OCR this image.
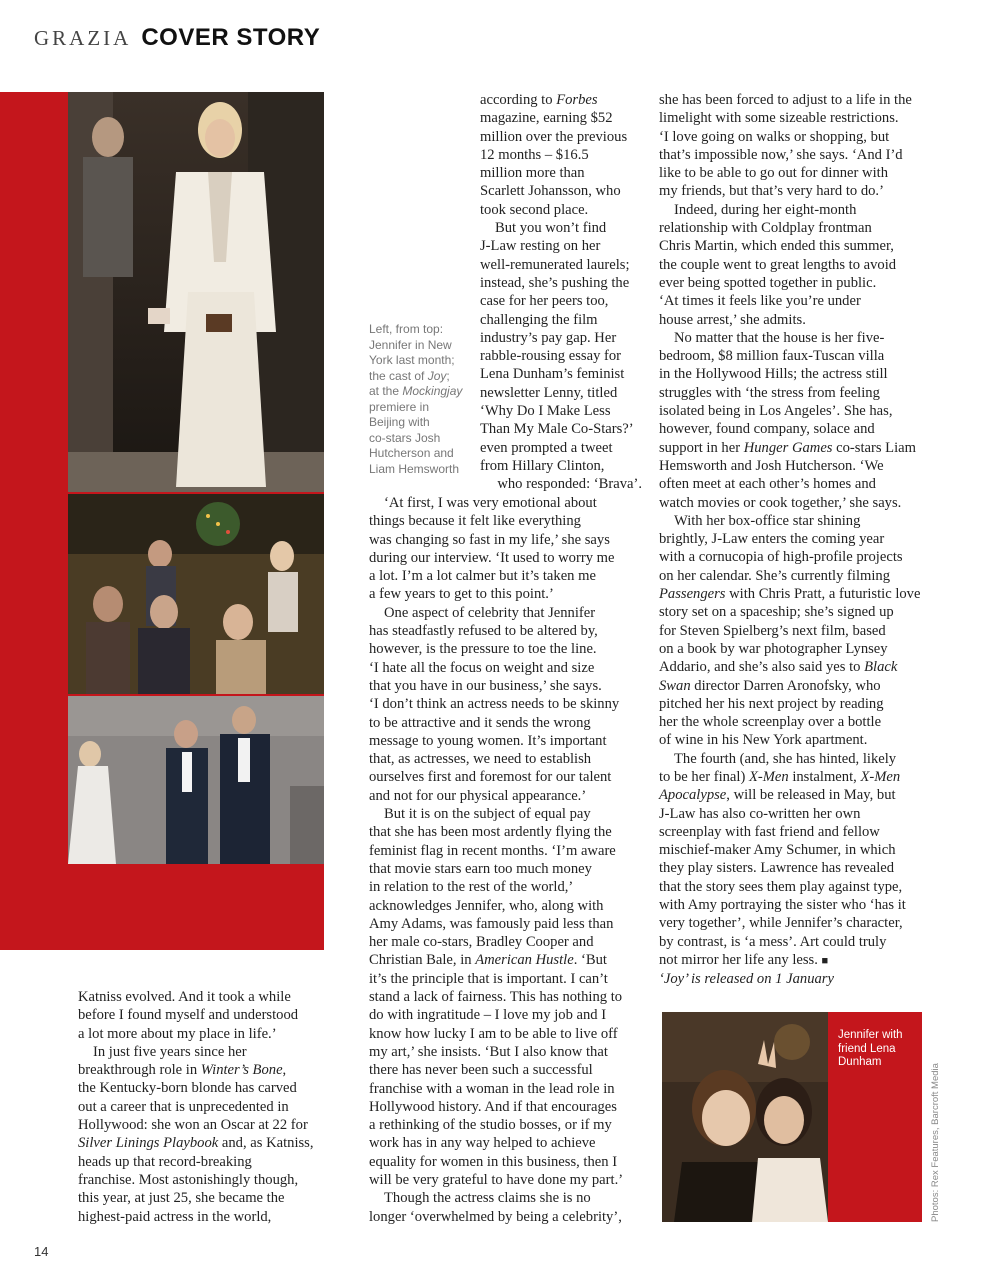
GRAZIA COVER STORY
Left, from top:
Jennifer in New
York last month;
the cast of Joy;
at the Mockingjay
premiere in
Beijing with
co-stars Josh
Hutcherson and
Liam Hemsworth

Katniss evolved. And it took a while
before I found myself and understood
a lot more about my place in life.’

In just five years since her
breakthrough role in Winter’s Bone,
the Kentucky-born blonde has carved
out a career that is unprecedented in
Hollywood: she won an Oscar at 22 for
Silver Linings Playbook and, as Katniss,
heads up that record-breaking
franchise. Most astonishingly though,
this year, at just 25, she became the
highest-paid actress in the world,

according to Forbes
magazine, earning $52
million over the previous
12 months – $16.5
million more than
Scarlett Johansson, who
took second place.

But you won’t find
J-Law resting on her
well-remunerated laurels;
instead, she’s pushing the
case for her peers too,
challenging the film
industry’s pay gap. Her
rabble-rousing essay for
Lena Dunham’s feminist
newsletter Lenny, titled
‘Why Do I Make Less
Than My Male Co-Stars?’
even prompted a tweet
from Hillary Clinton,
who responded: ‘Brava’.

‘At first, I was very emotional about
things because it felt like everything
was changing so fast in my life,’ she says
during our interview. ‘It used to worry me
a lot. I’m a lot calmer but it’s taken me
a few years to get to this point.’

One aspect of celebrity that Jennifer
has steadfastly refused to be altered by,
however, is the pressure to toe the line.
‘I hate all the focus on weight and size
that you have in our business,’ she says.
‘I don’t think an actress needs to be skinny
to be attractive and it sends the wrong
message to young women. It’s important
that, as actresses, we need to establish
ourselves first and foremost for our talent
and not for our physical appearance.’

But it is on the subject of equal pay
that she has been most ardently flying the
feminist flag in recent months. ‘I’m aware
that movie stars earn too much money
in relation to the rest of the world,’
acknowledges Jennifer, who, along with
Amy Adams, was famously paid less than
her male co-stars, Bradley Cooper and
Christian Bale, in American Hustle. ‘But
it’s the principle that is important. I can’t
stand a lack of fairness. This has nothing to
do with ingratitude – I love my job and I
know how lucky I am to be able to live off
my art,’ she insists. ‘But I also know that
there has never been such a successful
franchise with a woman in the lead role in
Hollywood history. And if that encourages
a rethinking of the studio bosses, or if my
work has in any way helped to achieve
equality for women in this business, then I
will be very grateful to have done my part.’

Though the actress claims she is no
longer ‘overwhelmed by being a celebrity’,

she has been forced to adjust to a life in the
limelight with some sizeable restrictions.
‘I love going on walks or shopping, but
that’s impossible now,’ she says. ‘And I’d
like to be able to go out for dinner with
my friends, but that’s very hard to do.’

Indeed, during her eight-month
relationship with Coldplay frontman
Chris Martin, which ended this summer,
the couple went to great lengths to avoid
ever being spotted together in public.
‘At times it feels like you’re under
house arrest,’ she admits.

No matter that the house is her five-
bedroom, $8 million faux-Tuscan villa
in the Hollywood Hills; the actress still
struggles with ‘the stress from feeling
isolated being in Los Angeles’. She has,
however, found company, solace and
support in her Hunger Games co-stars Liam
Hemsworth and Josh Hutcherson. ‘We
often meet at each other’s homes and
watch movies or cook together,’ she says.

With her box-office star shining
brightly, J-Law enters the coming year
with a cornucopia of high-profile projects
on her calendar. She’s currently filming
Passengers with Chris Pratt, a futuristic love
story set on a spaceship; she’s signed up
for Steven Spielberg’s next film, based
on a book by war photographer Lynsey
Addario, and she’s also said yes to Black
Swan director Darren Aronofsky, who
pitched her his next project by reading
her the whole screenplay over a bottle
of wine in his New York apartment.

The fourth (and, she has hinted, likely
to be her final) X-Men instalment, X-Men
Apocalypse, will be released in May, but
J-Law has also co-written her own
screenplay with fast friend and fellow
mischief-maker Amy Schumer, in which
they play sisters. Lawrence has revealed
that the story sees them play against type,
with Amy portraying the sister who ‘has it
very together’, while Jennifer’s character,
by contrast, is ‘a mess’. Art could truly
not mirror her life any less. ■

‘Joy’ is released on 1 January

Jennifer with
friend Lena
Dunham
Photos: Rex Features, Barcroft Media
14
